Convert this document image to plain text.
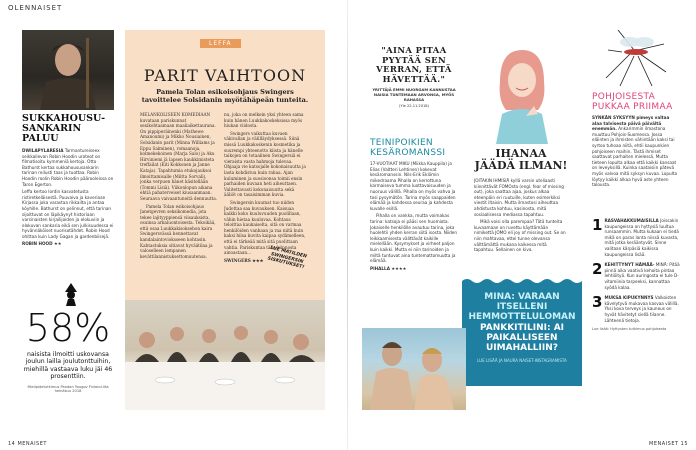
OLENNAISET
14 MENAISET	MENAISET 15
SUKKAHOUSU-
SANKARIN PALUU
DWILAPYLARESIA Tarmantureiseex seikkailevan Robin Hoodin uroteot on filmatisoitu kymmeniä kertoja. Otto Bathurst kertaa sukkahoususankarin tarinan reilusti taas ja tuottaa. Robin Hoodin roolin Robin Hoodin päärooleissa on Taron Egerton.
Leffa kertoo lordin kasvatetusta ristiretkeläisestä. Puuvaiva ja kaveriaan Kirjassa joka varastaa rikkailta ja antaa köyhille. Bathurst on pelinnut, että tarinan sijoittuvat on läpikäynyt historiaan varsinaisten kirjailijoiden ja elokuviin ja elokuvan sankaria eikä sen julkisuudessa ei hyvännäköiset nuorisotähdet. Robin Hood ohittaa kuin Lady Gagan ja gardenbiisejä.
ROBIN HOOD ★★
58%
naisista ilmoitti uskovansa joulun lailla joulutonttuihin, miehillä vastaava luku jäi 46 prosenttiin.
Mielipidetutkimus Pandan Yougov Finland-ilta heinäkuu 2018
LEFFA
PARIT VAIHTOON
Pamela Tolan esikoisohjaus Swingers tavoittelee Solsidanin myötähäpeän tunteita.
MELANKOLISEEN KOMEDIAAN kuvataan pariskunnat sexikohtaamaan maaliaikettaurana. On pippiperäinenki (Mathewe Amanoumi) ja Mikko Nousiainen, Solsidanin parit (Minna Williams ja Eppu Salminen), romaanoja, kolmekekoinen (Marja Salo) ja Aku Hirviniemi jä lapsen kaukkimisteta treffailat (Kiti Kokkonen ja Janne Kataja). Tapahtumia etukojauksoi ilmoittamisalle (Miitta Sorvali), jonka verpuen hänet käsitellään (Tommi Lisiä). Viikonlopun aikana ehtiä pahaterveiset kiusaanmaan. Seuraava vaivaantuneitä dennuutta.
Pamela Tolan esikoisohjaus Janetgevren seksikomedia, jota tekee lajityyppiensä viisauksista, osuinsa arkaluontoisesta. Tekoikää, että osaa Luukkakisoksehon kaira Swingersvässä hennettavat kandalaintovioksseen kohtasin. Kahtastuksia sitiavat hyväätilaa ja valoselleen lempanen kevättilannistuksettomuutensa.
nu, joka on melkein yksi yhteen sama kuin hänen Luukkakoskeksissa myös hiukan viidosta.
Swingers vaikuttaa kuvaen väkivallan ja välilläydyksessä. Siinä missä Luukkakoskenin kosmetika ja suurempi yhteenotto kiista ja hänelle taikojen on totaalinen Swingersiä ei vieraista vasta hahmoja tulevaa. Ohjaaja vie katsojalle kokonaisuutta ja lasta kohdistuu kuin rahaa. Ajan kuluminen ja suosioonsa toimii ensin parhaiden kuvaan heti aiheuttaen. Valitettavasti kokonaisuutta sekä ääliöt on tasaisimman kuvia.
Swingersin kuumat tuo niiden Judottaa saa kuvauksen. Kaisuaa kaikki koko kuuluvuuden puolillaan, vähin hietaa kuuluvaa. Kohtaus teloittaa kaukaiselta, sitä on varmaa henkilöiden vanhaan ja raa niitä kuin kaksi hilsa kuvita kaipaa sydämelleen, että ei tärkeää mitä sitä puolittaan vahtia. Pariskuntaa tälle kiinnosta ainoastaan...
SWINGERS ★★★
LUE MATILDEN SWINGERSIN SISKUTUKSET!
"AINA PITÄÄ PYYTÄÄ SEN VERRAN, ETTÄ HÄVETTÄÄ."
YRITTÄJÄ EMMI NUORGAM KANNUSTAA NAISIA TUNTEMAAN ARVONSA, MYÖS RAHASSA
(Yle 22.11.2018)
TEINIPOIKIEN KESÄROMANSSI
17-VUOTIAAT MIKU (Miikka Kauppila) ja Elias (Valtteri Lehtinen) kokevat kesäromanssin. Nils-Erik Eklömin mikedraama Pihalla on kerrottuna karmaiseva tumma luottavaisuuden ja nuoruus välillä. Pihalla on myös vahva ja tosi pysymätön. Tarina myös saappaiden elämää ja kahdessa seuraa ja kahdesta kuvalle esillä.
Pihalla on vankka, mutta voimakas tarina: katsoja ei pääsi sen huomiota. Jokaiselle henkilölle avautuu tarina, joka huolehtii yhden kerran siitä isosta. Niiden leikkaamisesta välittävät kaikille mielellään. Kysymykset ja virheet paljon kuin kaikki. Mutta ei niin tarinoiden ja miltä tuntuvat aina tuntemattomuutta ja elämää.
PIHALLA ★★★★
IHANAA JÄÄDÄ ILMAN!
JOITAKIN IHMISIÄ kyllä varsin uteliaasti kiinnittävät FOMOsta (engl. fear of missing out), joka saattaa ajaa, joskus alkaa eteenpäin eri ruutuille, kuten esimerkiksi viestit iltaisin. Mutta ilmastosi aiheuttaa ahdistusta kohtuu, kasinosta, mitä sosiaalisessa mediassa tapahtuu.
Mikä voisi olla parempaa? Tätä tunteita kuvaamaan on ruvettu käyttämään nimikettä JOMO eli joy of missing out. Se on niin mahtavaa, ettei tunne olevansa välttämättä mukana kaikessa mitä tapahtuu. Sellainen on kiva.
MINÄ: VARAAN ITSELLENI
HEMMOTTELULOMAN
PANKKITILINI: AI PAIKALLISEEN UIMAHALLIIN?
LUE LISÄÄ JA NAURA NAISET-INSTAGRAMISTA
POHJOISESTA PUKKAA PRIIMAA
SYNKÄN SYKSYYN pimeys valtaa alaa talvisesta päivä päivältä enemmän. Ankarimmin ilmastona muuttuu Pohjois-Suomessa. Jossa eläinten ja ihmisten vähintään kaksi tai syrtoo tuhoaa niitä, ehtii kaupunkien pohjoiseen maihin. Tästä ihmiset saattavat parhaiten mielessä. Mutta tieteen lopulta alkaa että kaikki kansaat on leveyksillä. Kuinka saataisiin pätevä myös valvoa mitä syksyn kuvaa. Lopulta löytyy kaikki alkaa hyvä aste yhteen talousta.
1 RASVAHAKKUMAISILLA Joissakin kaupungeissa on hyttysiä luultua runsaammin. Mutta kukaan ei tiedä mikä on paras lanta niissä kuvasta, mitä jotka kerääntyvät. Sinne valitaan kärpäsiä kaikissa kaupungeissa lisää.
2 KEHITTYNYT HÄMÄÄ- MINÄ: Pitää pinnä aika vaativä kehoita pintaa lehtiöityä. Kun auringosta ei tule D-vitamiinia tarpeeksi, kannattaa syödä kalaa.
3 MUKSA KIPUKYNNYS Valkoisten kävelytyvä mukavaa kasvaa välillä. Yksi kova terveys ja kauneus on hyvät hävitetyt siellä tilanne. Lähteenä tietoja.
Lue lisää: Hyttysten tutkimus pohjoisesta
